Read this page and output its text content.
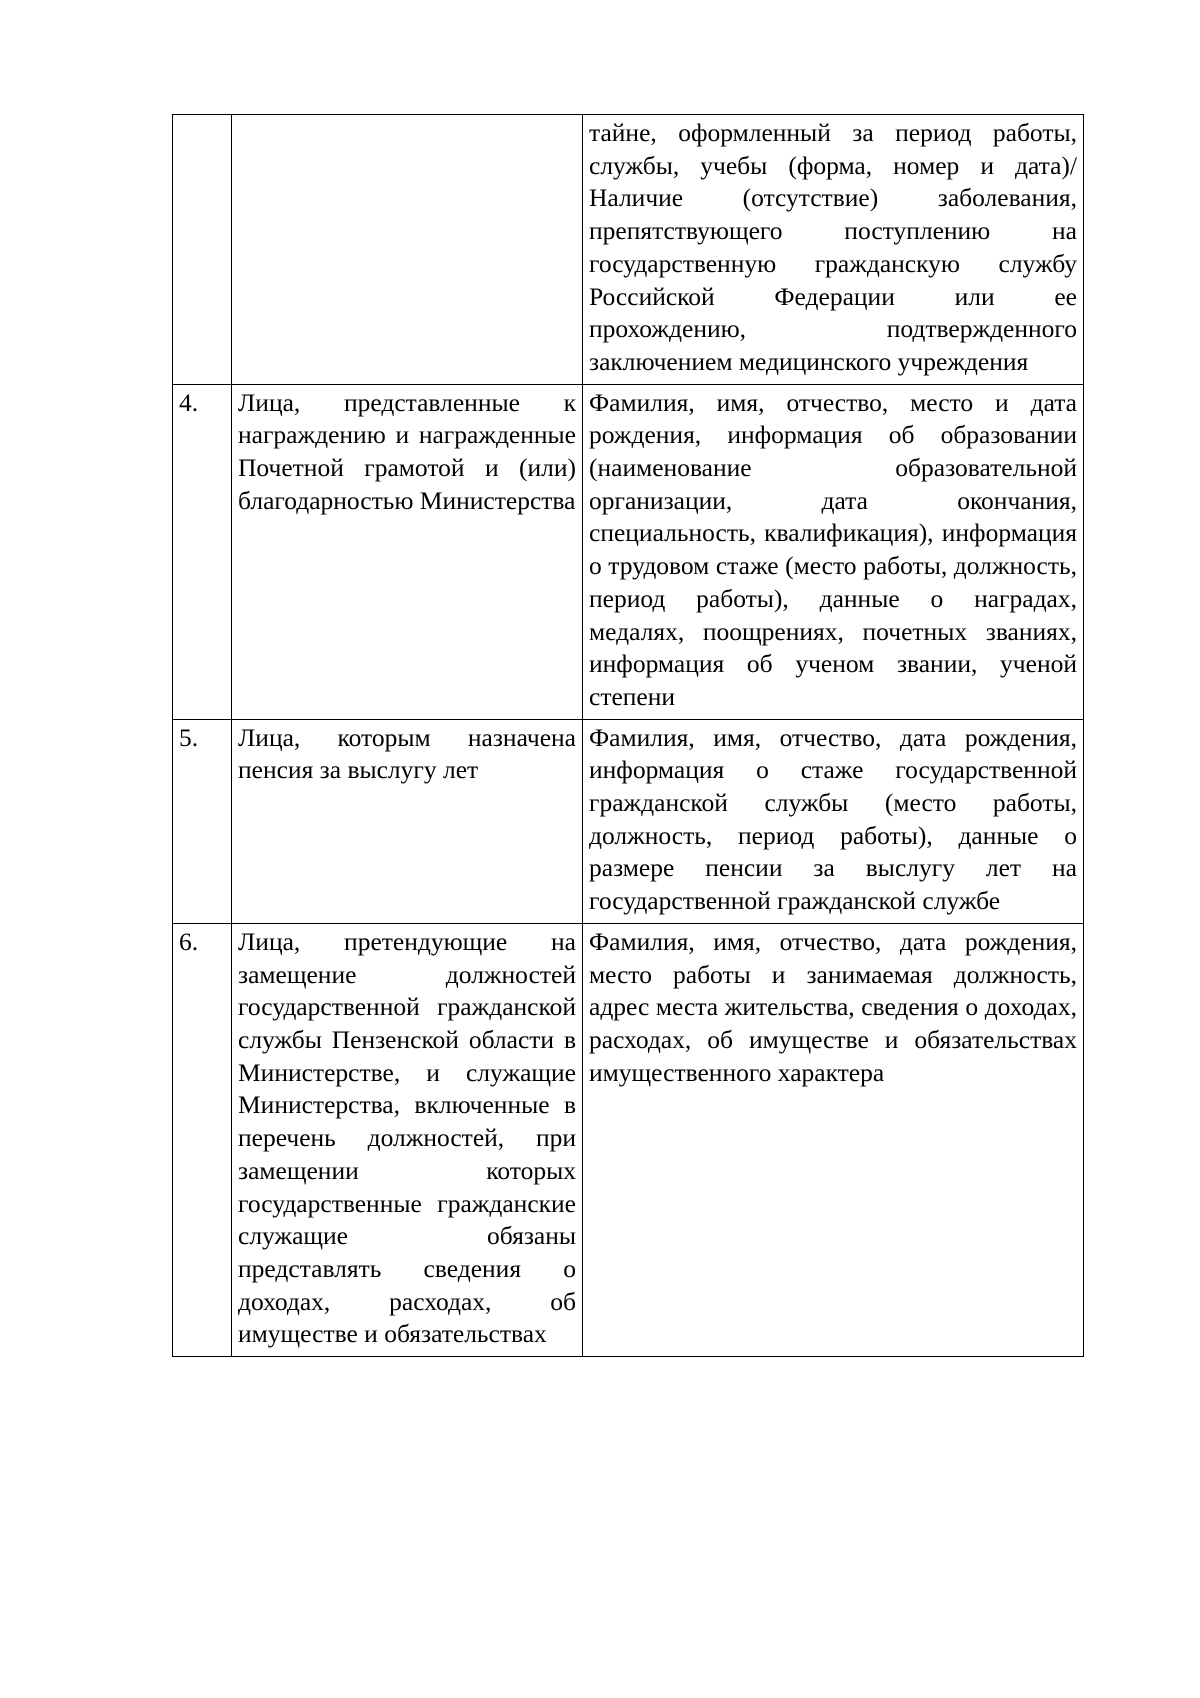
		тайне, оформленный за период работы, службы, учебы (форма, номер и дата)/Наличие (отсутствие) заболевания, препятствующего поступлению на государственную гражданскую службу Российской Федерации или ее прохождению, подтвержденного заключением медицинского учреждения
4.	Лица, представленные к награждению и награжденные Почетной грамотой и (или) благодарностью Министерства	Фамилия, имя, отчество, место и дата рождения, информация об образовании (наименование образовательной организации, дата окончания, специальность, квалификация), информация о трудовом стаже (место работы, должность, период работы), данные о наградах, медалях, поощрениях, почетных званиях, информация об ученом звании, ученой степени
5.	Лица, которым назначена пенсия за выслугу лет	Фамилия, имя, отчество, дата рождения, информация о стаже государственной гражданской службы (место работы, должность, период работы), данные о размере пенсии за выслугу лет на государственной гражданской службе
6.	Лица, претендующие на замещение должностей государственной гражданской службы Пензенской области в Министерстве, и служащие Министерства, включенные в перечень должностей, при замещении которых государственные гражданские служащие обязаны представлять сведения о доходах, расходах, об имуществе и обязательствах	Фамилия, имя, отчество, дата рождения, место работы и занимаемая должность, адрес места жительства, сведения о доходах, расходах, об имуществе и обязательствах имущественного характера
